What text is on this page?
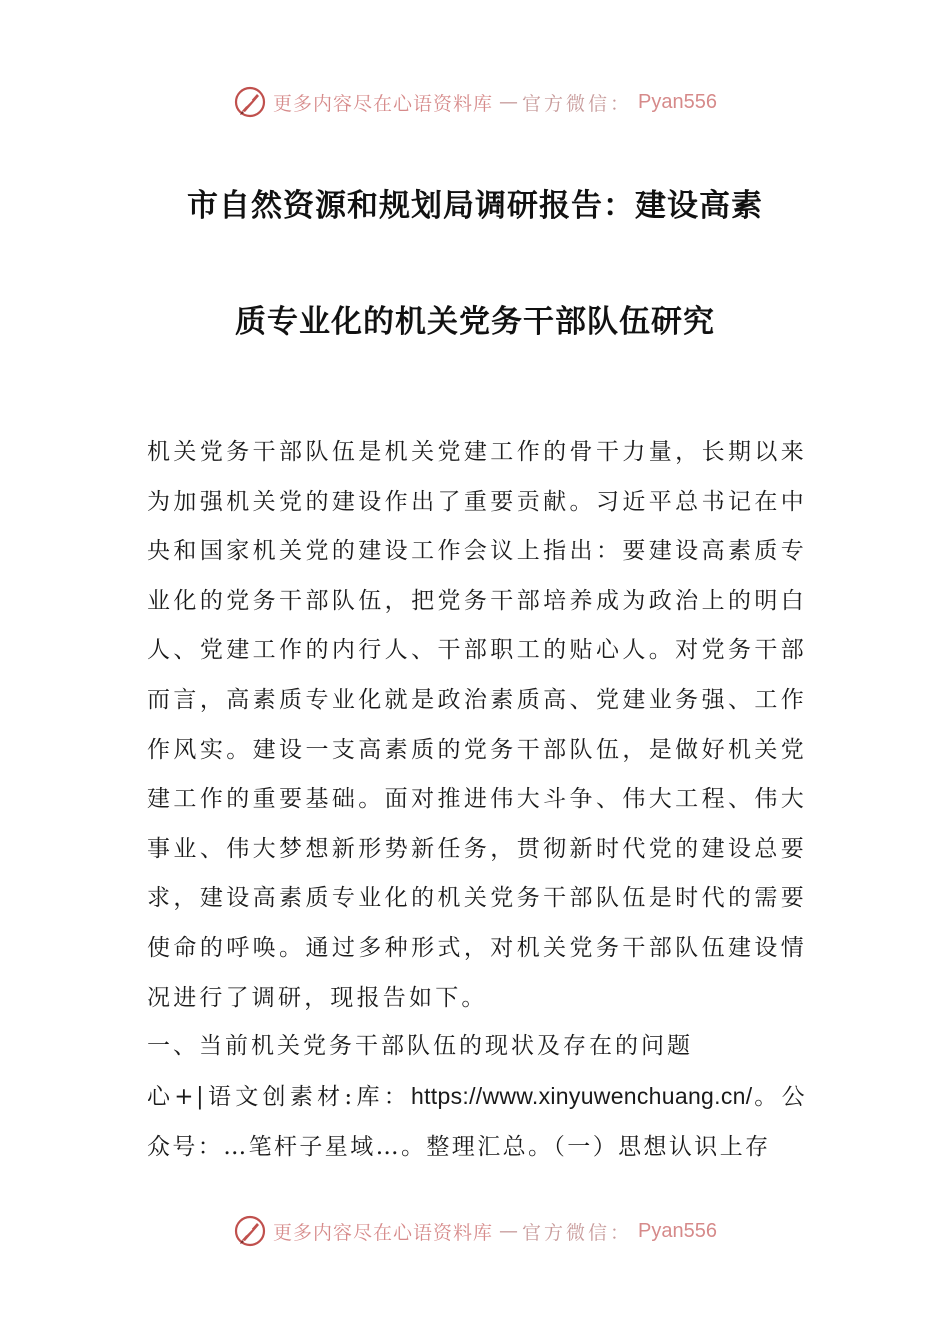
更多内容尽在心语资料库 — 官方微信： Pyan556
市自然资源和规划局调研报告：建设高素
质专业化的机关党务干部队伍研究

机关党务干部队伍是机关党建工作的骨干力量，长期以来为加强机关党的建设作出了重要贡献。习近平总书记在中央和国家机关党的建设工作会议上指出：要建设高素质专业化的党务干部队伍，把党务干部培养成为政治上的明白人、党建工作的内行人、干部职工的贴心人。对党务干部而言，高素质专业化就是政治素质高、党建业务强、工作作风实。建设一支高素质的党务干部队伍，是做好机关党建工作的重要基础。面对推进伟大斗争、伟大工程、伟大事业、伟大梦想新形势新任务，贯彻新时代党的建设总要求，建设高素质专业化的机关党务干部队伍是时代的需要使命的呼唤。通过多种形式，对机关党务干部队伍建设情况进行了调研，现报告如下。

一、当前机关党务干部队伍的现状及存在的问题

心+|语文创素材:库：https://www.xinyuwenchuang.cn/。公众号：…笔杆子星域…。整理汇总。（一）思想认识上存

更多内容尽在心语资料库 — 官方微信： Pyan556
